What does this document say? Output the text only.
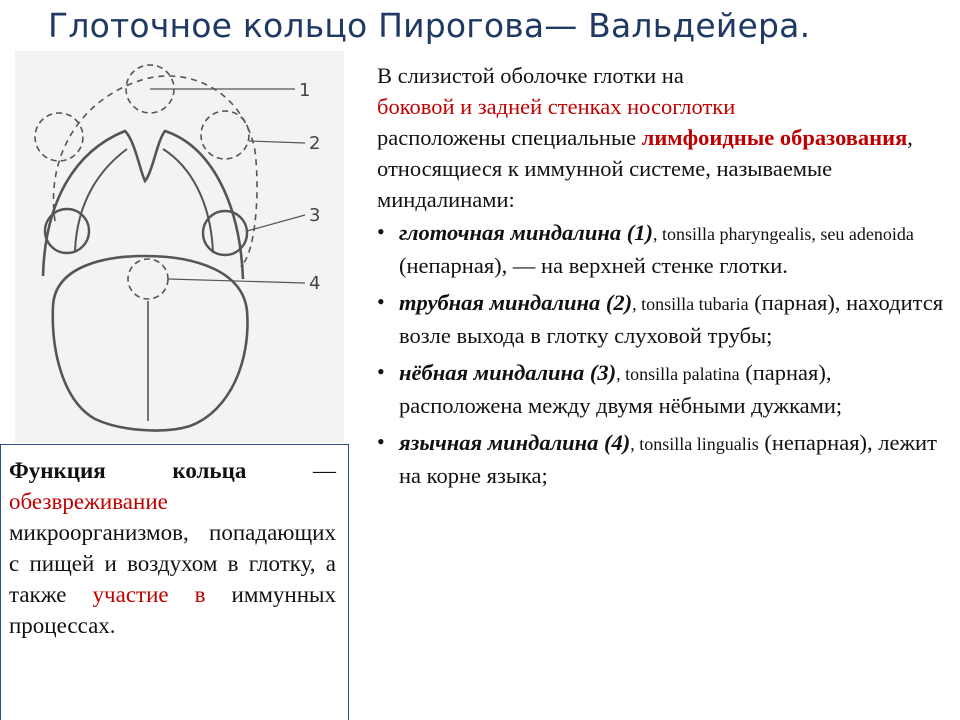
Глоточное кольцо Пирогова— Вальдейера.
1
2
3
4

Функция кольца — обезвреживание микроорганизмов, попадающих с пищей и воздухом в глотку, а также участие в иммунных процессах.

В слизистой оболочке глотки на
боковой и задней стенках носоглотки
расположены специальные лимфоидные образования, относящиеся к иммунной системе, называемые миндалинами:

• глоточная миндалина (1), tonsilla pharyngealis, seu adenoida (непарная), — на верхней стенке глотки.
• трубная миндалина (2), tonsilla tubaria (парная), находится возле выхода в глотку слуховой трубы;
• нёбная миндалина (3), tonsilla palatina (парная), расположена между двумя нёбными дужками;
• язычная миндалина (4), tonsilla lingualis (непарная), лежит на корне языка;
